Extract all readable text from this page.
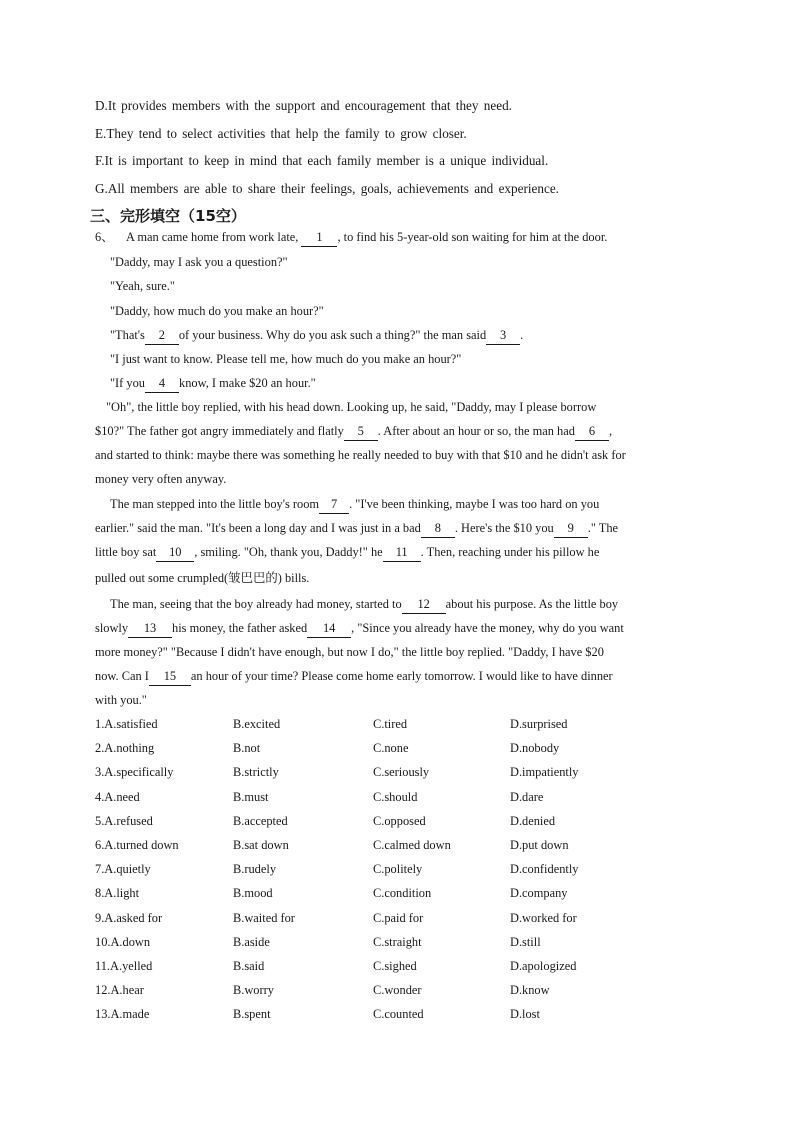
D.It provides members with the support and encouragement that they need.
E.They tend to select activities that help the family to grow closer.
F.It is important to keep in mind that each family member is a unique individual.
G.All members are able to share their feelings, goals, achievements and experience.
三、完形填空（15空）
6、    A man came home from work late, 1 , to find his 5-year-old son waiting for him at the door.
"Daddy, may I ask you a question?"
"Yeah, sure."
"Daddy, how much do you make an hour?"
"That's 2 of your business. Why do you ask such a thing?" the man said 3 .
"I just want to know. Please tell me, how much do you make an hour?"
"If you 4 know, I make $20 an hour."
"Oh", the little boy replied, with his head down. Looking up, he said, "Daddy, may I please borrow
$10?" The father got angry immediately and flatly 5 . After about an hour or so, the man had 6 ,
and started to think: maybe there was something he really needed to buy with that $10 and he didn't ask for
money very often anyway.
The man stepped into the little boy's room 7 . "I've been thinking, maybe I was too hard on you
earlier." said the man. "It's been a long day and I was just in a bad 8 . Here's the $10 you 9 ." The
little boy sat 10 , smiling. "Oh, thank you, Daddy!" he 11 . Then, reaching under his pillow he
pulled out some crumpled(皱巴巴的) bills.
The man, seeing that the boy already had money, started to 12 about his purpose. As the little boy
slowly 13 his money, the father asked 14 , "Since you already have the money, why do you want
more money?" "Because I didn't have enough, but now I do," the little boy replied. "Daddy, I have $20
now. Can I 15 an hour of your time? Please come home early tomorrow. I would like to have dinner
with you."
1.A.satisfied	B.excited	C.tired	D.surprised
2.A.nothing	B.not	C.none	D.nobody
3.A.specifically	B.strictly	C.seriously	D.impatiently
4.A.need	B.must	C.should	D.dare
5.A.refused	B.accepted	C.opposed	D.denied
6.A.turned down	B.sat down	C.calmed down	D.put down
7.A.quietly	B.rudely	C.politely	D.confidently
8.A.light	B.mood	C.condition	D.company
9.A.asked for	B.waited for	C.paid for	D.worked for
10.A.down	B.aside	C.straight	D.still
11.A.yelled	B.said	C.sighed	D.apologized
12.A.hear	B.worry	C.wonder	D.know
13.A.made	B.spent	C.counted	D.lost
